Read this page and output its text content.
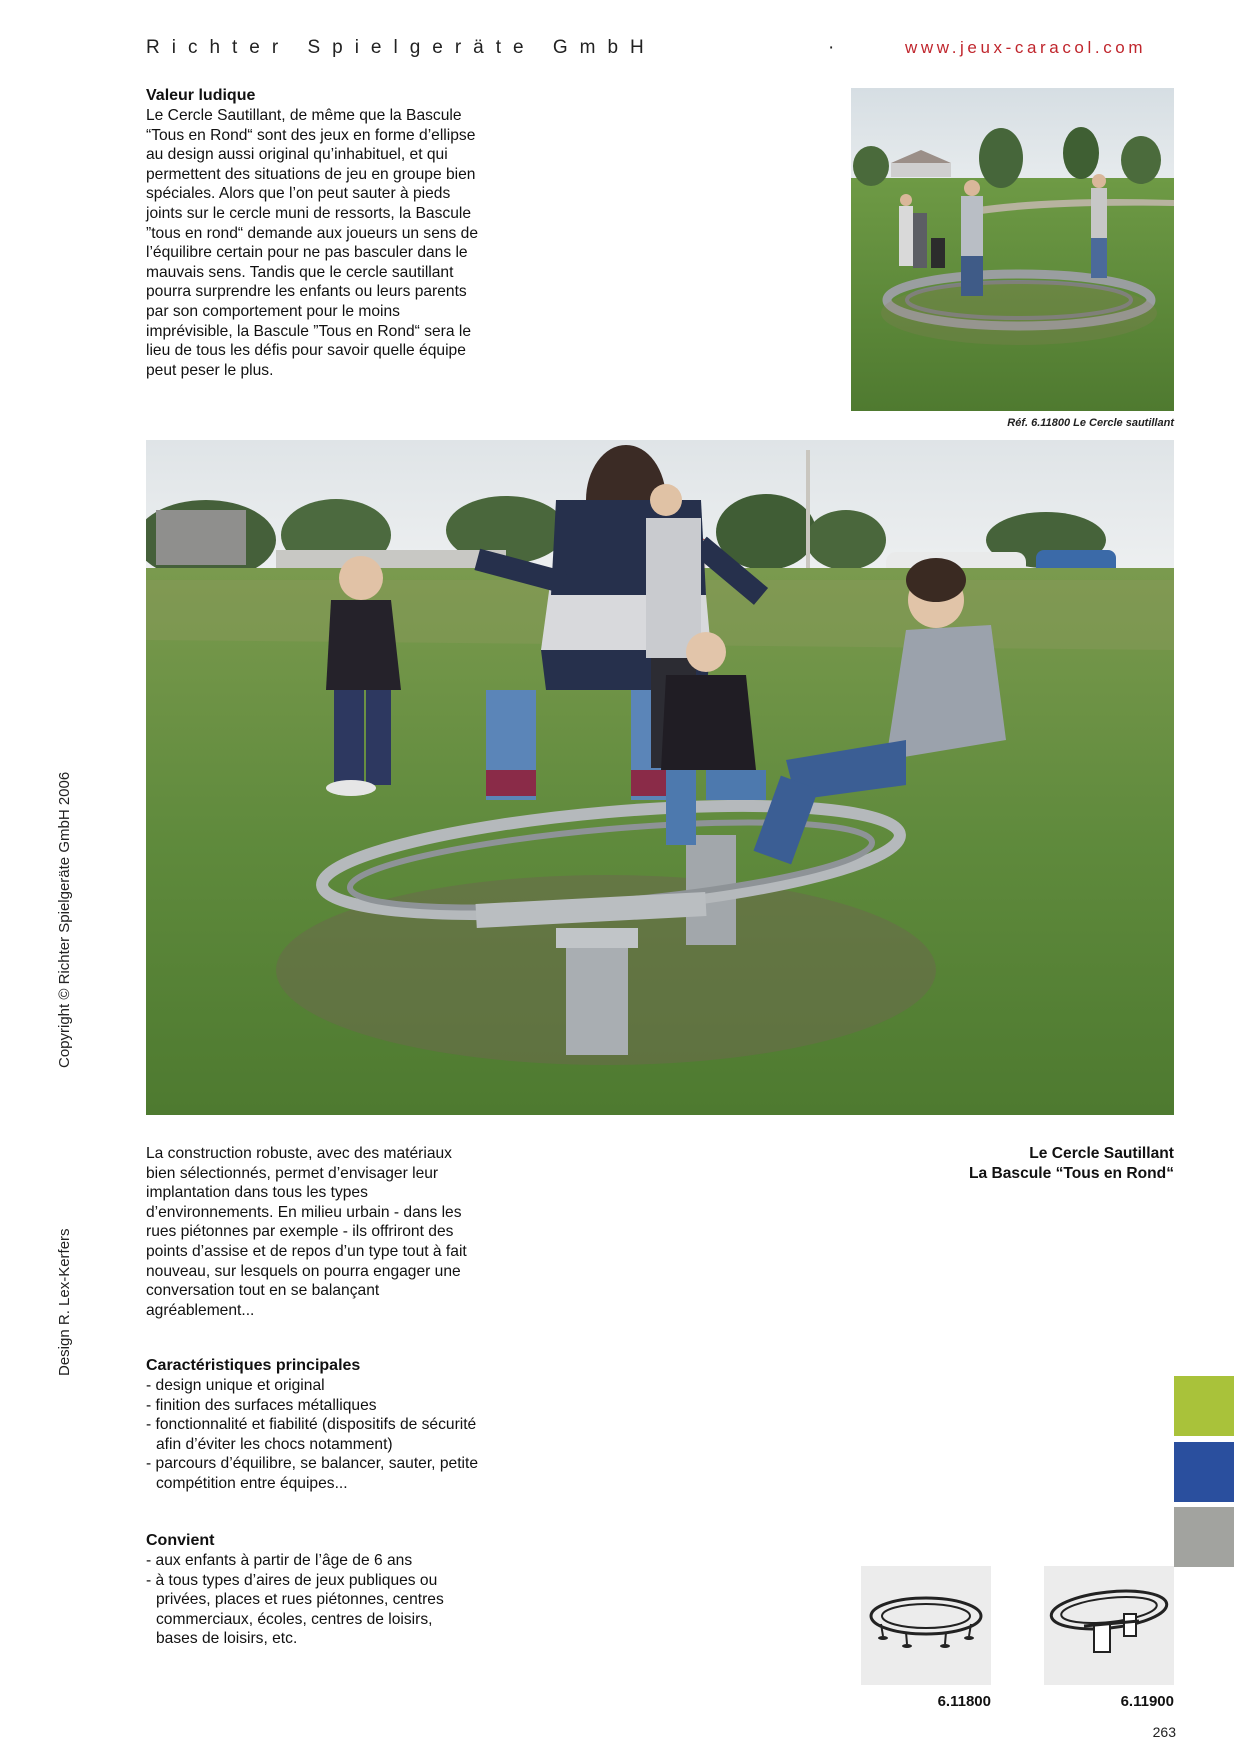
Richter Spielgeräte GmbH	·	www.jeux-caracol.com
Copyright © Richter Spielgeräte GmbH 2006
Design R. Lex-Kerfers

Valeur ludique

Le Cercle Sautillant, de même que la Bascule “Tous en Rond“ sont des jeux en forme d’ellipse au design aussi original qu’inhabituel, et qui permettent des situations de jeu en groupe bien spéciales. Alors que l’on peut sauter à pieds joints sur le cercle muni de ressorts, la Bascule ”tous en rond“ demande aux joueurs un sens de l’équilibre certain pour ne pas basculer dans le mauvais sens. Tandis que le cercle sautillant pourra surprendre les enfants ou leurs parents par son comportement pour le moins imprévisible, la Bascule ”Tous en Rond“ sera le lieu de tous les défis pour savoir quelle équipe peut peser le plus.

Réf. 6.11800 Le Cercle sautillant
Le Cercle Sautillant
La Bascule “Tous en Rond“

La construction robuste, avec des matériaux bien sélectionnés, permet d’envisager leur implantation dans tous les types d’environnements. En milieu urbain - dans les rues piétonnes par exemple - ils offriront des points d’assise et de repos d’un type tout à fait nouveau, sur lesquels on pourra engager une conversation tout en se balançant agréablement...

Caractéristiques principales

- design unique et original
- finition des surfaces métalliques
- fonctionnalité et fiabilité (dispositifs de sécurité afin d’éviter les chocs notamment)
- parcours d’équilibre, se balancer, sauter, petite compétition entre équipes...

Convient

- aux enfants à partir de l’âge de 6 ans
- à tous types d’aires de jeux publiques ou privées, places et rues piétonnes, centres commerciaux, écoles, centres de loisirs, bases de loisirs, etc.
6.11800	6.11900
263
